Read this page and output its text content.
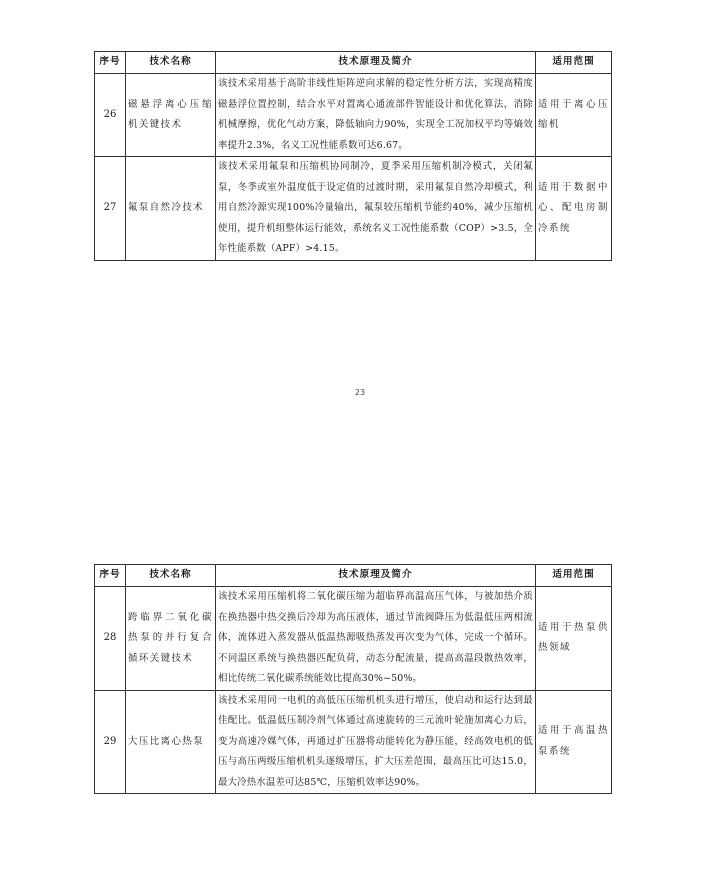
序号	技术名称	技术原理及简介	适用范围
26	磁悬浮离心压缩机关键技术	该技术采用基于高阶非线性矩阵逆向求解的稳定性分析方法，实现高精度磁悬浮位置控制，结合水平对置离心通流部件智能设计和优化算法，消除机械摩擦，优化气动方案，降低轴向力90%，实现全工况加权平均等熵效率提升2.3%，名义工况性能系数可达6.67。	适用于离心压缩机
27	氟泵自然冷技术	该技术采用氟泵和压缩机协同制冷，夏季采用压缩机制冷模式，关闭氟泵，冬季或室外温度低于设定值的过渡时期，采用氟泵自然冷却模式，利用自然冷源实现100%冷量输出，氟泵较压缩机节能约40%，减少压缩机使用，提升机组整体运行能效，系统名义工况性能系数（COP）>3.5，全年性能系数（APF）>4.15。	适用于数据中心、配电房制冷系统
23
序号	技术名称	技术原理及简介	适用范围
28	跨临界二氧化碳热泵的并行复合循环关键技术	该技术采用压缩机将二氧化碳压缩为超临界高温高压气体，与被加热介质在换热器中热交换后冷却为高压液体，通过节流阀降压为低温低压两相流体，流体进入蒸发器从低温热源吸热蒸发再次变为气体，完成一个循环。不同温区系统与换热器匹配负荷，动态分配流量，提高高温段散热效率，相比传统二氧化碳系统能效比提高30%~50%。	适用于热泵供热领域
29	大压比离心热泵	该技术采用同一电机的高低压压缩机机头进行增压，使启动和运行达到最佳配比。低温低压制冷剂气体通过高速旋转的三元流叶轮施加离心力后，变为高速冷媒气体，再通过扩压器将动能转化为静压能，经高效电机的低压与高压两级压缩机机头逐级增压，扩大压差范围，最高压比可达15.0，最大冷热水温差可达85℃，压缩机效率达90%。	适用于高温热泵系统
